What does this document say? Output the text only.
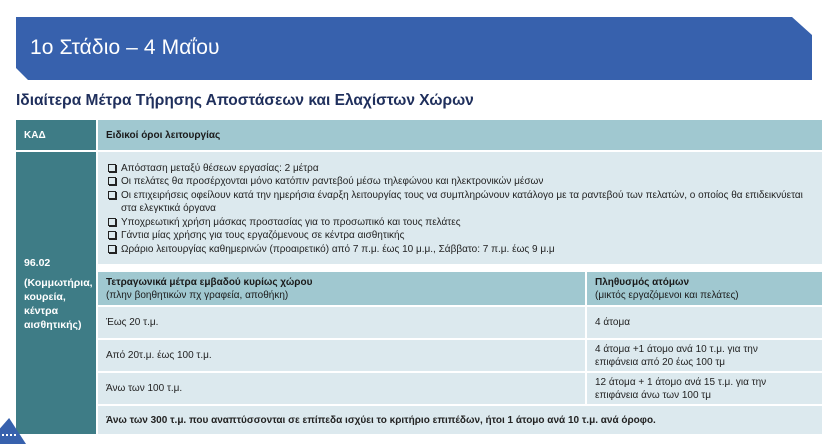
1ο Στάδιο – 4 Μαΐου
Ιδιαίτερα Μέτρα Τήρησης Αποστάσεων και Ελαχίστων Χώρων
ΚΑΔ	Ειδικοί όροι λειτουργίας
96.02
(Κομμωτήρια, κουρεία, κέντρα αισθητικής)
Απόσταση μεταξύ θέσεων εργασίας: 2 μέτρα
Οι πελάτες θα προσέρχονται μόνο κατόπιν ραντεβού μέσω τηλεφώνου και ηλεκτρονικών μέσων
Οι επιχειρήσεις οφείλουν κατά την ημερήσια έναρξη λειτουργίας τους να συμπληρώνουν κατάλογο με τα ραντεβού των πελατών, ο οποίος θα επιδεικνύεται στα ελεγκτικά όργανα
Υποχρεωτική χρήση μάσκας προστασίας για το προσωπικό και τους πελάτες
Γάντια μίας χρήσης για τους εργαζόμενους σε κέντρα αισθητικής
Ωράριο λειτουργίας καθημερινών (προαιρετικό) από 7 π.μ. έως 10 μ.μ., Σάββατο: 7 π.μ. έως 9 μ.μ
Τετραγωνικά μέτρα εμβαδού κυρίως χώρου
(πλην βοηθητικών πχ γραφεία, αποθήκη)
Πληθυσμός ατόμων
(μικτός εργαζόμενοι και πελάτες)
Έως 20 τ.μ.	4 άτομα
Από 20τ.μ. έως 100 τ.μ.
4 άτομα +1 άτομο ανά 10 τ.μ. για την
επιφάνεια από 20 έως 100 τμ
Άνω των 100 τ.μ.
12 άτομα + 1 άτομο ανά 15 τ.μ. για την
επιφάνεια άνω των 100 τμ
Άνω των 300 τ.μ. που αναπτύσσονται σε επίπεδα ισχύει το κριτήριο επιπέδων, ήτοι 1 άτομο ανά 10 τ.μ. ανά όροφο.
